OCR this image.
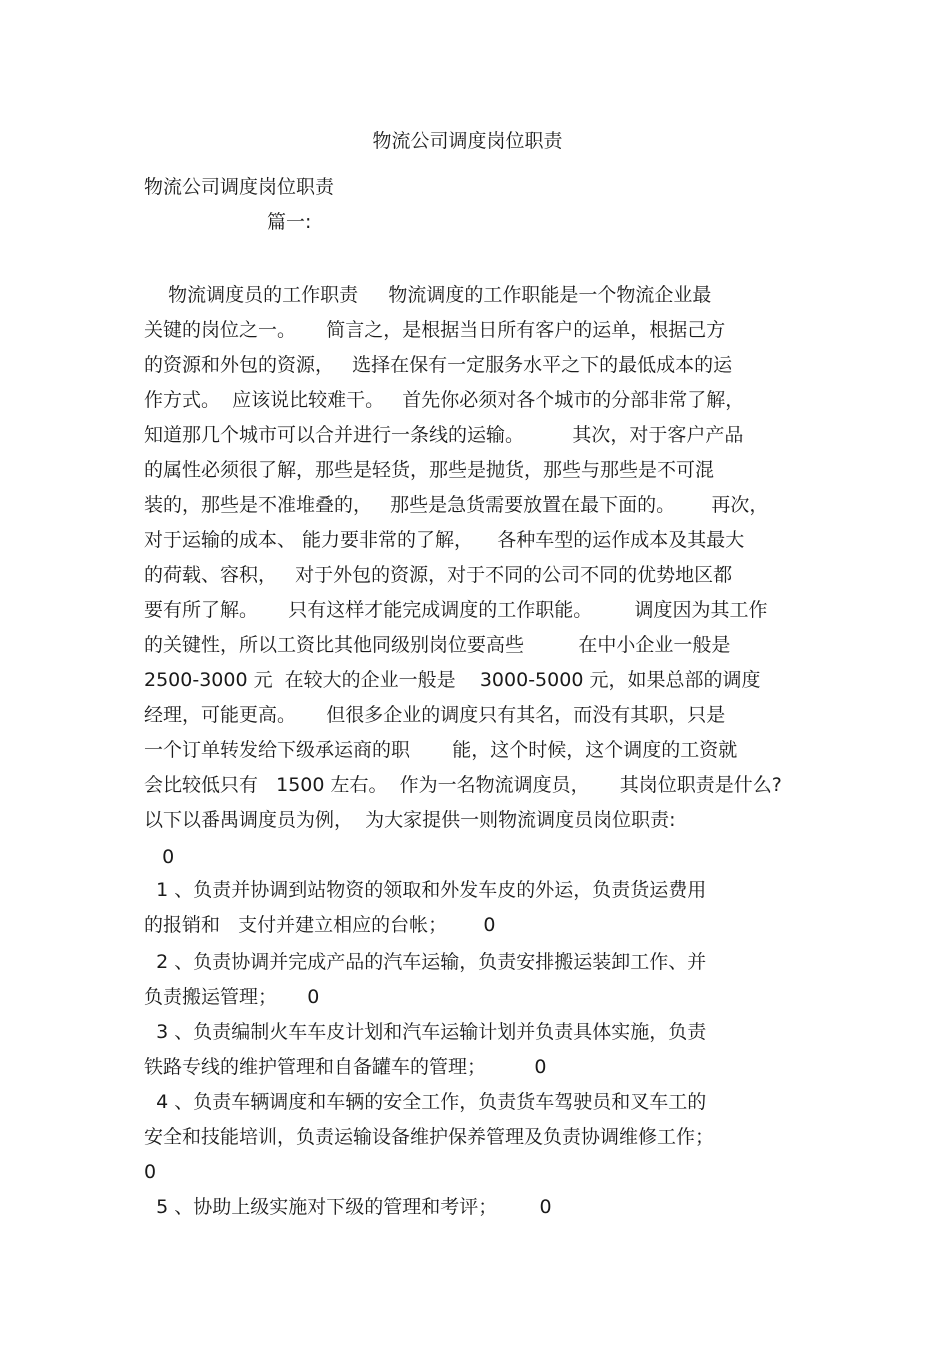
物流公司调度岗位职责
物流公司调度岗位职责
篇一:
物流调度员的工作职责     物流调度的工作职能是一个物流企业最
关键的岗位之一。     简言之，是根据当日所有客户的运单，根据己方
的资源和外包的资源，   选择在保有一定服务水平之下的最低成本的运
作方式。  应该说比较难干。   首先你必须对各个城市的分部非常了解，
知道那几个城市可以合并进行一条线的运输。        其次，对于客户产品
的属性必须很了解，那些是轻货，那些是抛货，那些与那些是不可混
装的，那些是不准堆叠的，   那些是急货需要放置在最下面的。      再次，
对于运输的成本、 能力要非常的了解，    各种车型的运作成本及其最大
的荷载、容积，   对于外包的资源，对于不同的公司不同的优势地区都
要有所了解。     只有这样才能完成调度的工作职能。       调度因为其工作
的关键性，所以工资比其他同级别岗位要高些         在中小企业一般是
2500-3000 元  在较大的企业一般是    3000-5000 元，如果总部的调度
经理，可能更高。     但很多企业的调度只有其名，而没有其职，只是
一个订单转发给下级承运商的职       能，这个时候，这个调度的工资就
会比较低只有   1500 左右。  作为一名物流调度员，     其岗位职责是什么?
以下以番禺调度员为例，  为大家提供一则物流调度员岗位职责:
0
1 、负责并协调到站物资的领取和外发车皮的外运，负责货运费用
的报销和   支付并建立相应的台帐；      0
2 、负责协调并完成产品的汽车运输，负责安排搬运装卸工作、并
负责搬运管理；     0
3 、负责编制火车车皮计划和汽车运输计划并负责具体实施，负责
铁路专线的维护管理和自备罐车的管理；        0
4 、负责车辆调度和车辆的安全工作，负责货车驾驶员和叉车工的
安全和技能培训，负责运输设备维护保养管理及负责协调维修工作；
0
5 、协助上级实施对下级的管理和考评；       0
